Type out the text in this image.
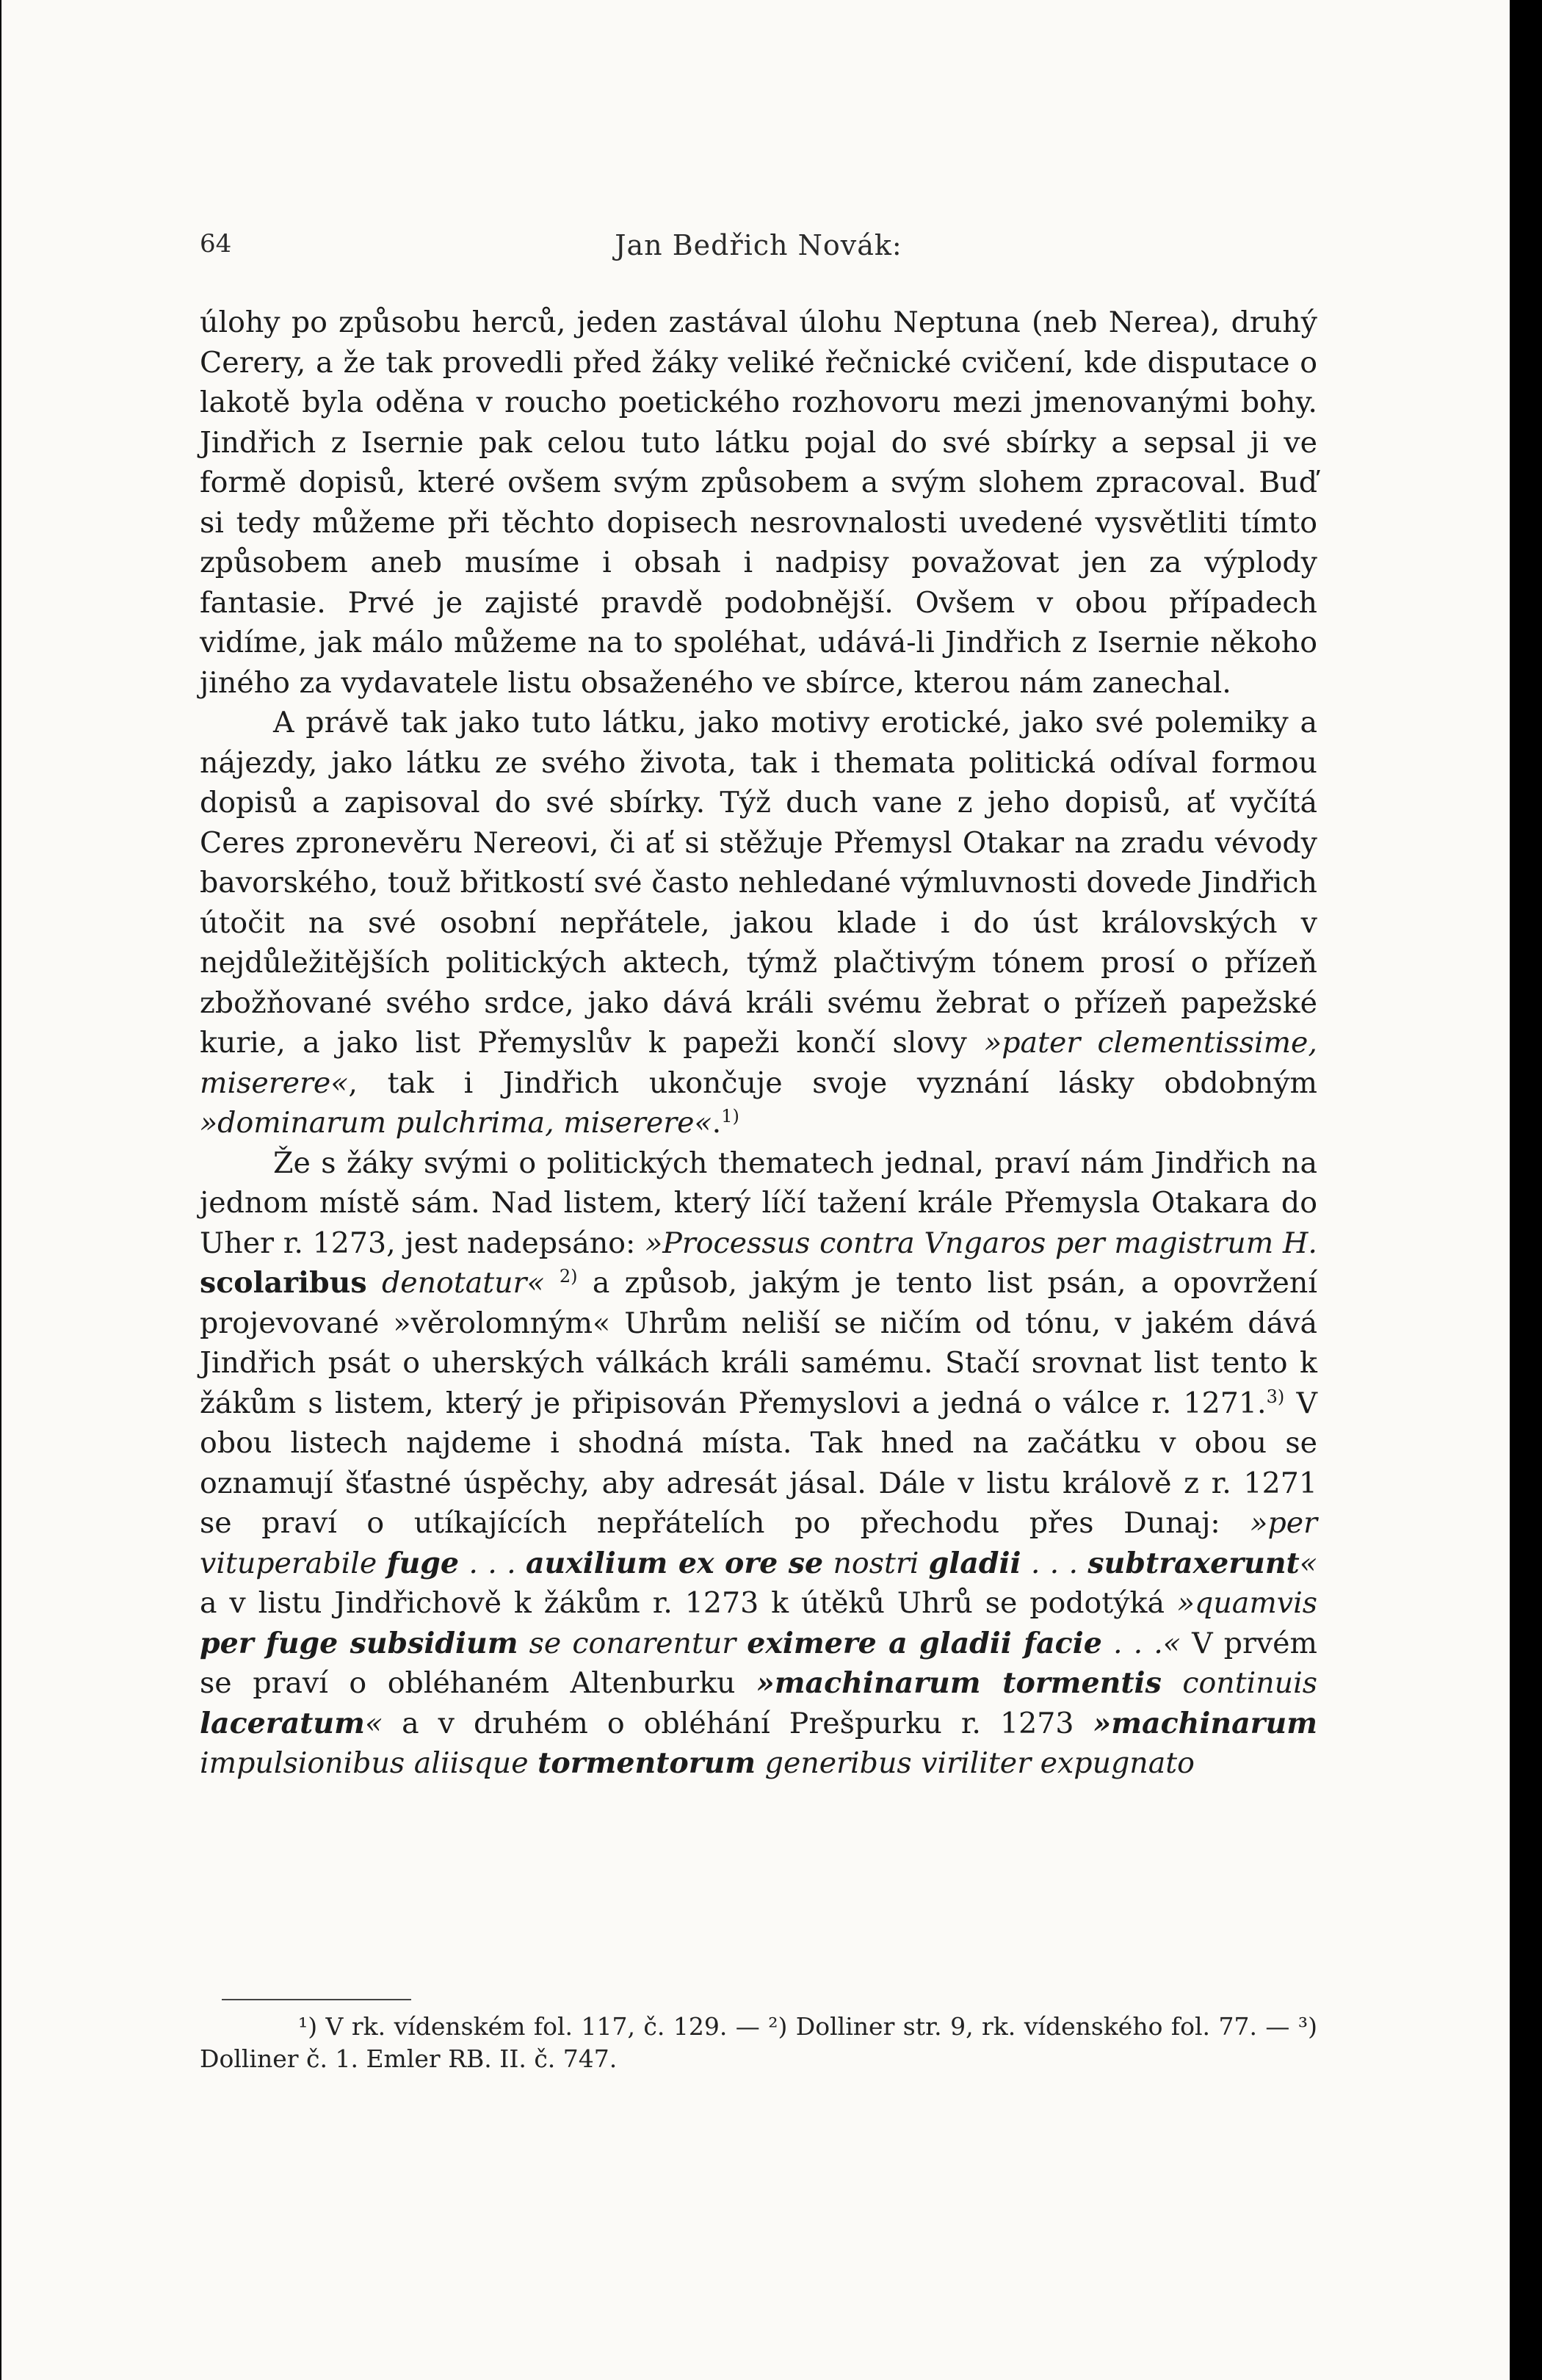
64	Jan Bedřich Novák:

úlohy po způsobu herců, jeden zastával úlohu Neptuna (neb Nerea), druhý Cerery, a že tak provedli před žáky veliké řečnické cvičení, kde disputace o lakotě byla oděna v roucho poetického rozhovoru mezi jmenovanými bohy. Jindřich z Isernie pak celou tuto látku pojal do své sbírky a sepsal ji ve formě dopisů, které ovšem svým způsobem a svým slohem zpracoval. Buď si tedy můžeme při těchto dopisech nesrovnalosti uvedené vysvětliti tímto způsobem aneb musíme i obsah i nadpisy považovat jen za výplody fantasie. Prvé je zajisté pravdě podobnější. Ovšem v obou případech vidíme, jak málo můžeme na to spoléhat, udává-li Jindřich z Isernie někoho jiného za vydavatele listu obsaženého ve sbírce, kterou nám zanechal.

A právě tak jako tuto látku, jako motivy erotické, jako své polemiky a nájezdy, jako látku ze svého života, tak i themata politická odíval formou dopisů a zapisoval do své sbírky. Týž duch vane z jeho dopisů, ať vyčítá Ceres zpronevěru Nereovi, či ať si stěžuje Přemysl Otakar na zradu vévody bavorského, touž břitkostí své často nehledané výmluvnosti dovede Jindřich útočit na své osobní nepřátele, jakou klade i do úst královských v nejdůležitějších politických aktech, týmž plačtivým tónem prosí o přízeň zbožňované svého srdce, jako dává králi svému žebrat o přízeň papežské kurie, a jako list Přemyslův k papeži končí slovy »pater clementissime, miserere«, tak i Jindřich ukončuje svoje vyznání lásky obdobným »dominarum pulchrima, miserere«.$^{1)}$

Že s žáky svými o politických thematech jednal, praví nám Jindřich na jednom místě sám. Nad listem, který líčí tažení krále Přemysla Otakara do Uher r. 1273, jest nadepsáno: »Processus contra Vngaros per magistrum H. scolaribus denotatur« $^{2)}$ a způsob, jakým je tento list psán, a opovržení projevované »věrolomným« Uhrům neliší se ničím od tónu, v jakém dává Jindřich psát o uherských válkách králi samému. Stačí srovnat list tento k žákům s listem, který je připisován Přemyslovi a jedná o válce r. 1271.$^{3)}$ V obou listech najdeme i shodná místa. Tak hned na začátku v obou se oznamují šťastné úspěchy, aby adresát jásal. Dále v listu králově z r. 1271 se praví o utíkajících nepřátelích po přechodu přes Dunaj: »per vituperabile fuge . . . auxilium ex ore se nostri gladii . . . subtraxerunt« a v listu Jindřichově k žákům r. 1273 k útěků Uhrů se podotýká »quamvis per fuge subsidium se conarentur eximere a gladii facie . . .« V prvém se praví o obléhaném Altenburku »machinarum tormentis continuis laceratum« a v druhém o obléhání Prešpurku r. 1273 »machinarum impulsionibus aliisque tormentorum generibus viriliter expugnato

¹) V rk. vídenském fol. 117, č. 129. — ²) Dolliner str. 9, rk. vídenského fol. 77. — ³) Dolliner č. 1. Emler RB. II. č. 747.
